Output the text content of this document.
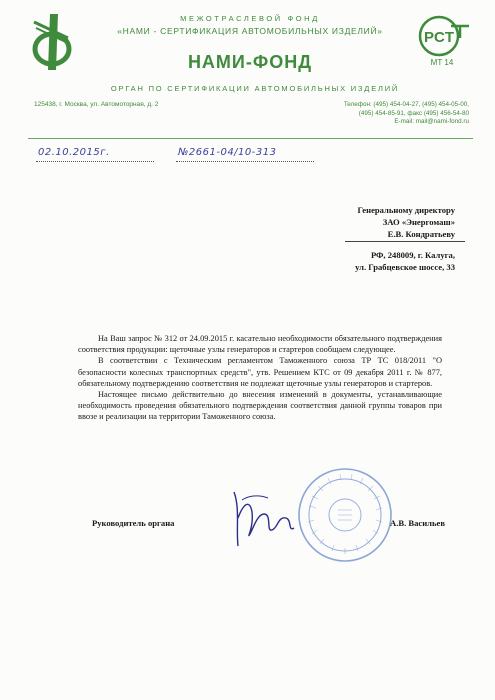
МЕЖОТРАСЛЕВОЙ ФОНД
«НАМИ - СЕРТИФИКАЦИЯ АВТОМОБИЛЬНЫХ ИЗДЕЛИЙ»
НАМИ-ФОНД
ОРГАН ПО СЕРТИФИКАЦИИ АВТОМОБИЛЬНЫХ ИЗДЕЛИЙ
PCT
МТ 14
125438, г. Москва, ул. Автомоторная, д. 2	Телефон: (495) 454-04-27, (495) 454-05-00,
(495) 454-85-91, факс (495) 456-54-80
E-mail: mail@nami-fond.ru
02.10.2015г.	№2661-04/10-313
Генеральному директору
ЗАО «Энергомаш»
Е.В. Кондратьеву
РФ, 248009, г. Калуга,
ул. Грабцевское шоссе, 33

На Ваш запрос № 312 от 24.09.2015 г. касательно необходимости обязательного подтверждения соответствия продукции: щеточные узлы генераторов и стартеров сообщаем следующее.

В соответствии с Техническим регламентом Таможенного союза ТР ТС 018/2011 "О безопасности колесных транспортных средств", утв. Решением КТС от 09 декабря 2011 г. № 877, обязательному подтверждению соответствия не подлежат щеточные узлы генераторов и стартеров.

Настоящее письмо действительно до внесения изменений в документы, устанавливающие необходимость проведения обязательного подтверждения соответствия данной группы товаров при ввозе и реализации на территории Таможенного союза.

Руководитель органа	А.В. Васильев
